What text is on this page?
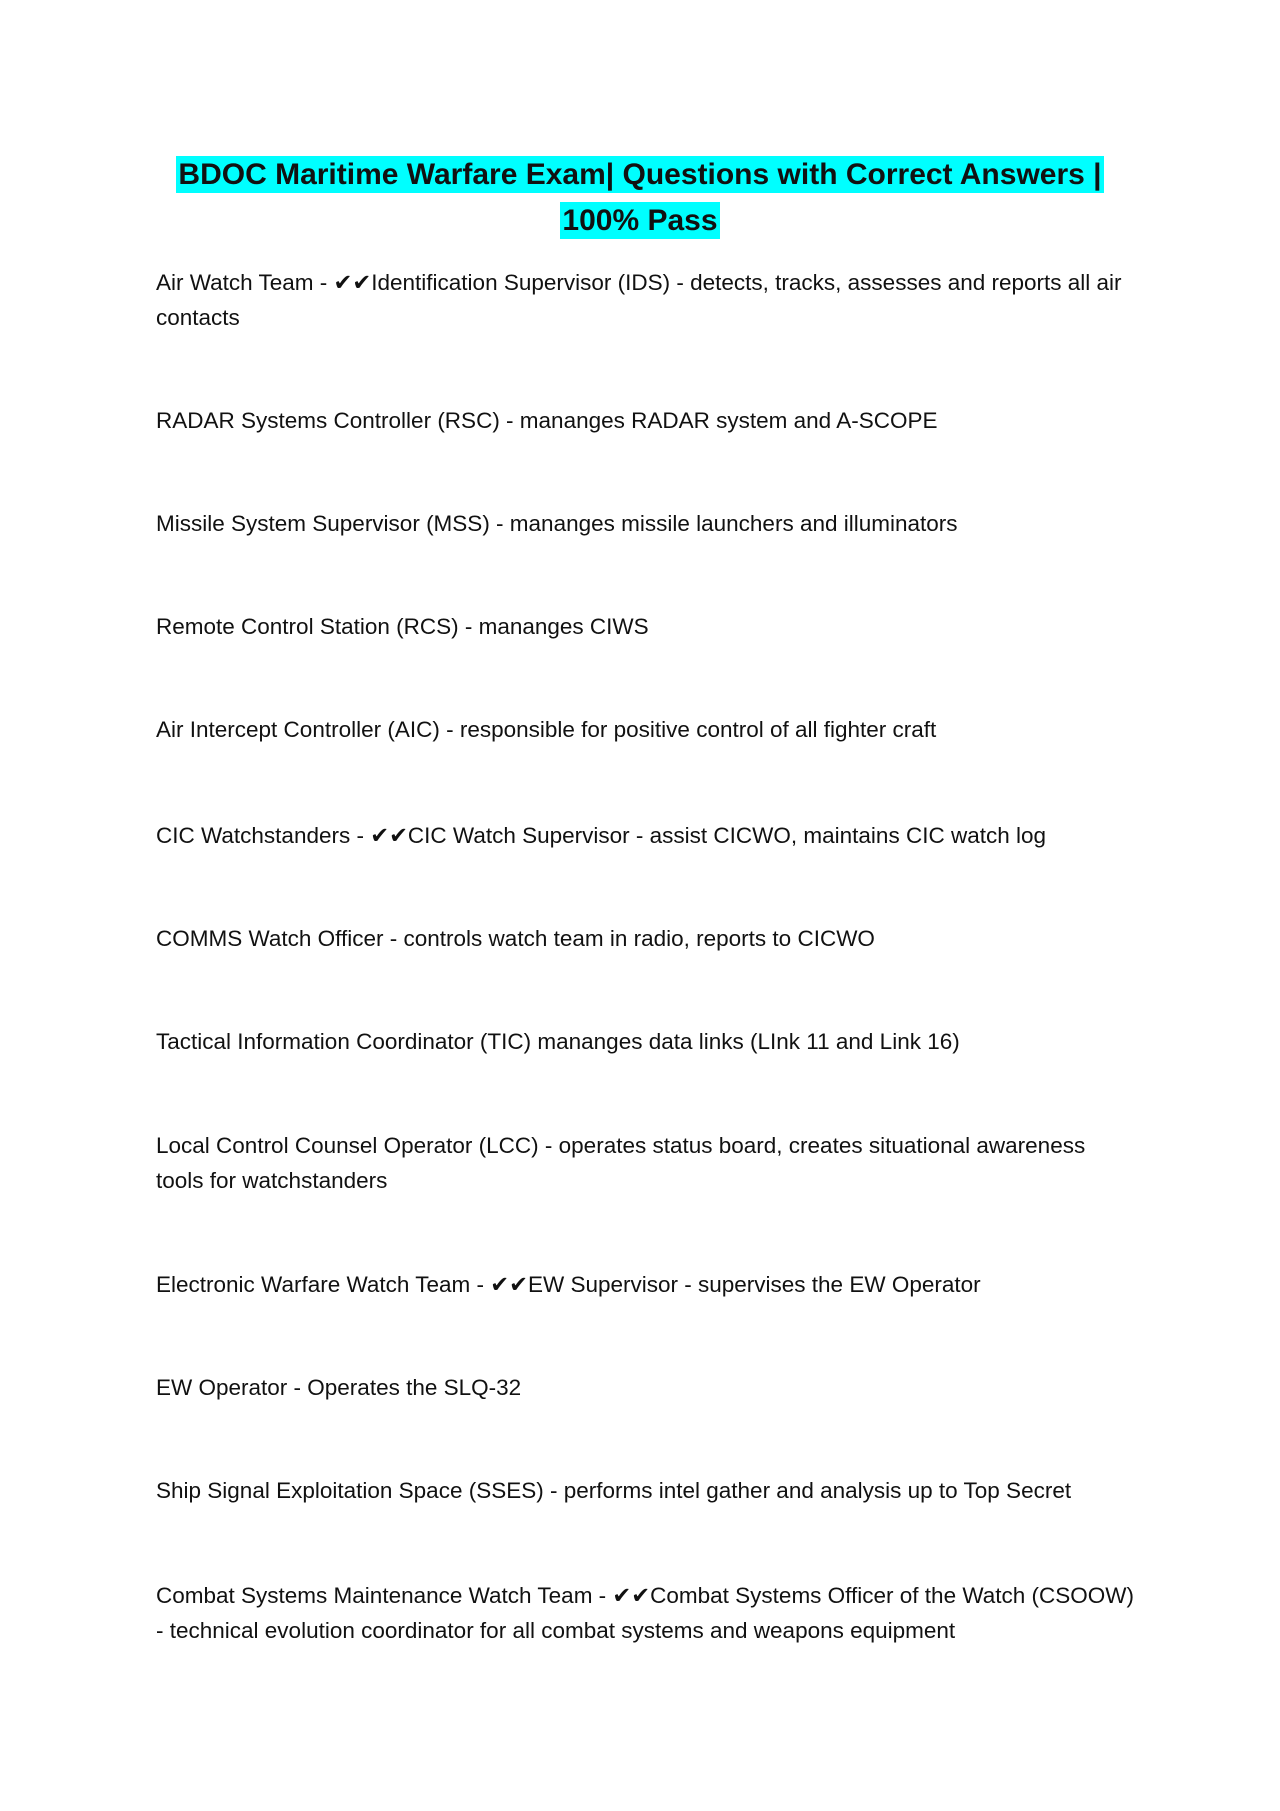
BDOC Maritime Warfare Exam| Questions with Correct Answers |
100% Pass
Air Watch Team - ✔✔Identification Supervisor (IDS) - detects, tracks, assesses and reports all air contacts
RADAR Systems Controller (RSC) - mananges RADAR system and A-SCOPE
Missile System Supervisor (MSS) - mananges missile launchers and illuminators
Remote Control Station (RCS) - mananges CIWS
Air Intercept Controller (AIC) - responsible for positive control of all fighter craft
CIC Watchstanders - ✔✔CIC Watch Supervisor - assist CICWO, maintains CIC watch log
COMMS Watch Officer - controls watch team in radio, reports to CICWO
Tactical Information Coordinator (TIC) mananges data links (LInk 11 and Link 16)
Local Control Counsel Operator (LCC) - operates status board, creates situational awareness tools for watchstanders
Electronic Warfare Watch Team - ✔✔EW Supervisor - supervises the EW Operator
EW Operator - Operates the SLQ-32
Ship Signal Exploitation Space (SSES) - performs intel gather and analysis up to Top Secret
Combat Systems Maintenance Watch Team - ✔✔Combat Systems Officer of the Watch (CSOOW) - technical evolution coordinator for all combat systems and weapons equipment
